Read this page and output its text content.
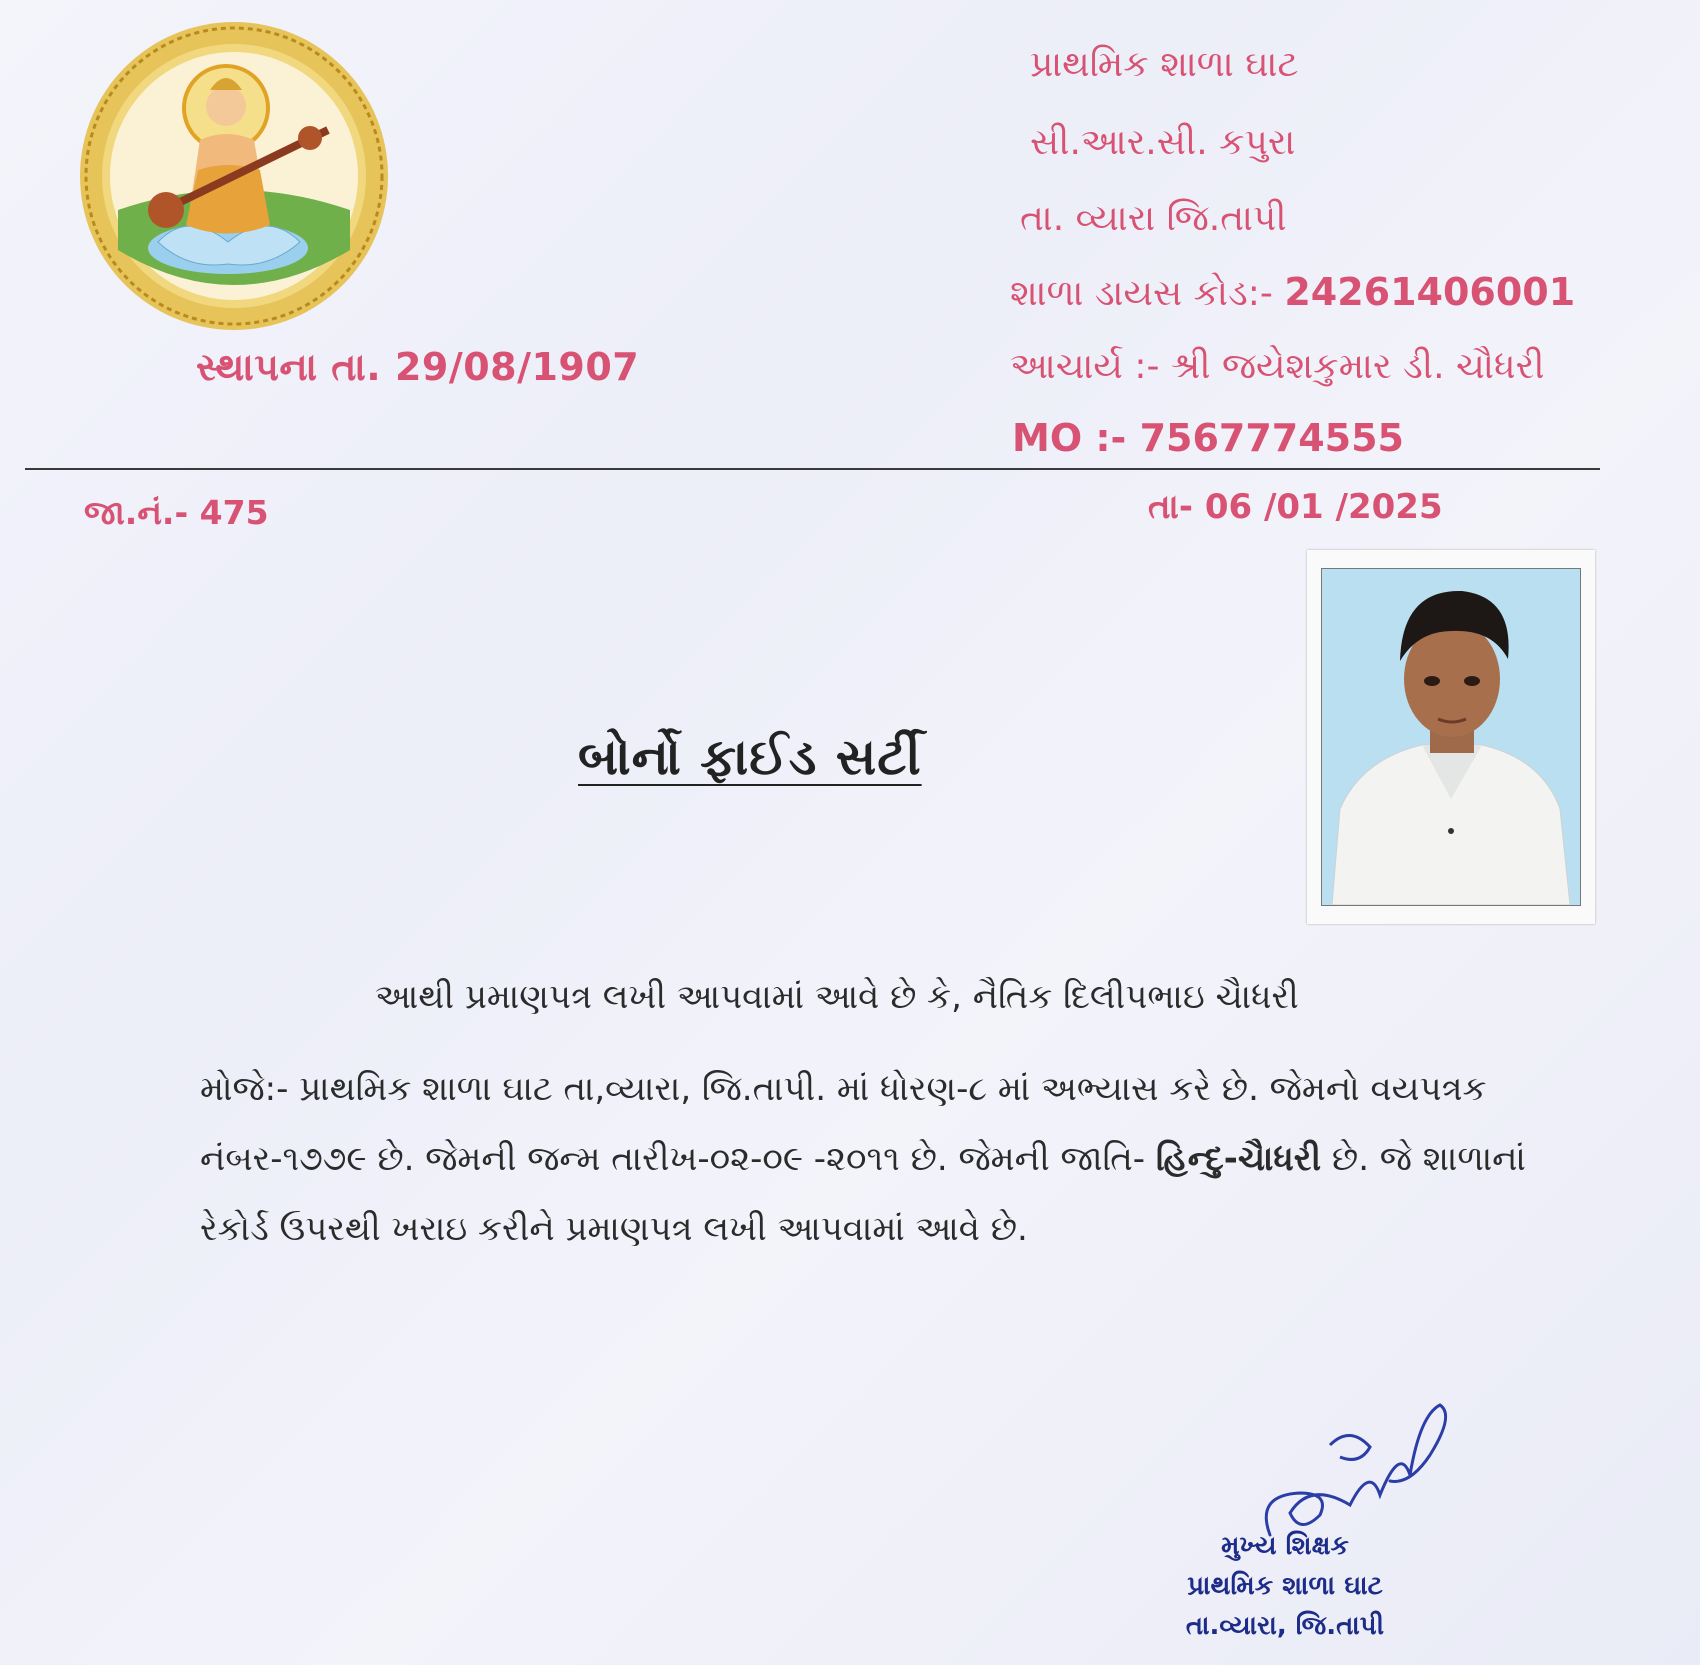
સ્થાપના તા. 29/08/1907
પ્રાથમિક શાળા ઘાટ
સી.આર.સી. કપુરા
તા. વ્યારા જિ.તાપી
શાળા ડાયસ કોડ:- 24261406001
આચાર્ય :- શ્રી જયેશકુમાર ડી. ચૌધરી
MO :- 7567774555
જા.નં.- 475	તા- 06 /01 /2025
બોર્નો ફાઈડ સર્ટી
આથી પ્રમાણપત્ર લખી આપવામાં આવે છે કે, નૈતિક દિલીપભાઇ ચૈાધરી
મોજે:- પ્રાથમિક શાળા ઘાટ તા,વ્યારા, જિ.તાપી. માં ધોરણ-૮ માં અભ્યાસ કરે છે. જેમનો વયપત્રક નંબર-૧૭૭૯ છે. જેમની જન્મ તારીખ-૦૨-૦૯ -૨૦૧૧ છે. જેમની જાતિ- હિન્દુ-ચૈાધરી છે. જે શાળાનાં રેકોર્ડ ઉપરથી ખરાઇ કરીને પ્રમાણપત્ર લખી આપવામાં આવે છે.
મુખ્ય શિક્ષક
પ્રાથમિક શાળા ઘાટ
તા.વ્યારા, જિ.તાપી
